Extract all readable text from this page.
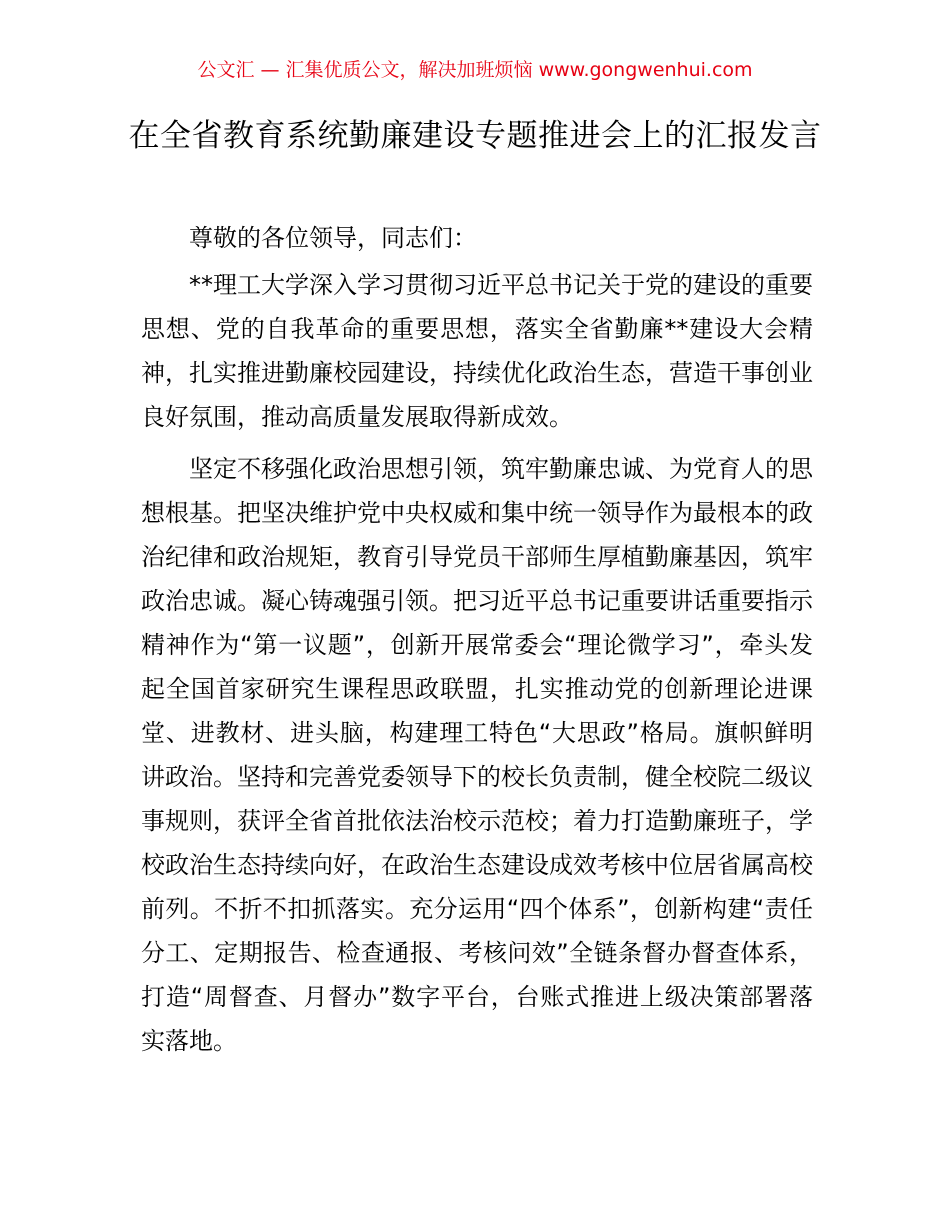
公文汇 — 汇集优质公文，解决加班烦恼 www.gongwenhui.com
在全省教育系统勤廉建设专题推进会上的汇报发言

尊敬的各位领导，同志们：

**理工大学深入学习贯彻习近平总书记关于党的建设的重要思想、党的自我革命的重要思想，落实全省勤廉**建设大会精神，扎实推进勤廉校园建设，持续优化政治生态，营造干事创业良好氛围，推动高质量发展取得新成效。

坚定不移强化政治思想引领，筑牢勤廉忠诚、为党育人的思想根基。把坚决维护党中央权威和集中统一领导作为最根本的政治纪律和政治规矩，教育引导党员干部师生厚植勤廉基因，筑牢政治忠诚。凝心铸魂强引领。把习近平总书记重要讲话重要指示精神作为“第一议题”，创新开展常委会“理论微学习”，牵头发起全国首家研究生课程思政联盟，扎实推动党的创新理论进课堂、进教材、进头脑，构建理工特色“大思政”格局。旗帜鲜明讲政治。坚持和完善党委领导下的校长负责制，健全校院二级议事规则，获评全省首批依法治校示范校；着力打造勤廉班子，学校政治生态持续向好，在政治生态建设成效考核中位居省属高校前列。不折不扣抓落实。充分运用“四个体系”，创新构建“责任分工、定期报告、检查通报、考核问效”全链条督办督查体系，打造“周督查、月督办”数字平台，台账式推进上级决策部署落实落地。
